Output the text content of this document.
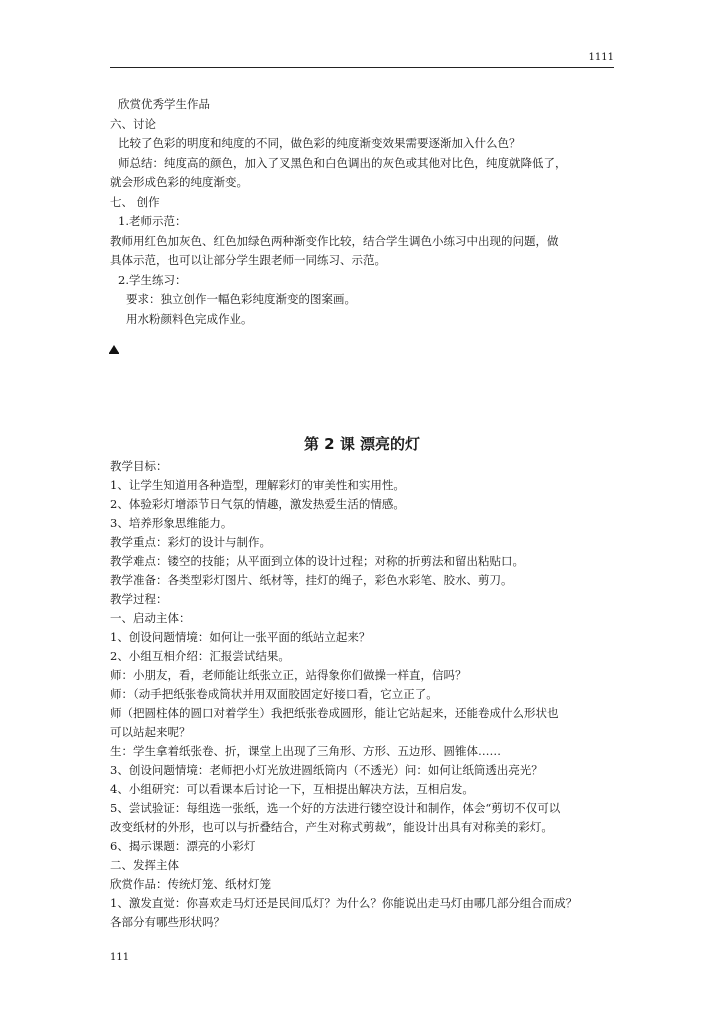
1111

欣赏优秀学生作品

六、讨论

比较了色彩的明度和纯度的不同，做色彩的纯度渐变效果需要逐渐加入什么色？

师总结：纯度高的颜色，加入了叉黑色和白色调出的灰色或其他对比色，纯度就降低了，

就会形成色彩的纯度渐变。

七、 创作

1.老师示范：

教师用红色加灰色、红色加绿色两种渐变作比较，结合学生调色小练习中出现的问题，做

具体示范，也可以让部分学生跟老师一同练习、示范。

2.学生练习：

要求：独立创作一幅色彩纯度渐变的图案画。

用水粉颜料色完成作业。

第 2 课 漂亮的灯

教学目标：

1、让学生知道用各种造型，理解彩灯的审美性和实用性。

2、体验彩灯增添节日气氛的情趣，激发热爱生活的情感。

3、培养形象思维能力。

教学重点：彩灯的设计与制作。

教学难点：镂空的技能；从平面到立体的设计过程；对称的折剪法和留出粘贴口。

教学准备：各类型彩灯图片、纸材等，挂灯的绳子，彩色水彩笔、胶水、剪刀。

教学过程：

一、启动主体：

1、创设问题情境：如何让一张平面的纸站立起来？

2、小组互相介绍：汇报尝试结果。

师：小朋友，看，老师能让纸张立正，站得象你们做操一样直，信吗？

师：（动手把纸张卷成筒状并用双面胶固定好接口看，它立正了。

师（把圆柱体的圆口对着学生）我把纸张卷成圆形，能让它站起来，还能卷成什么形状也

可以站起来呢？

生：学生拿着纸张卷、折，课堂上出现了三角形、方形、五边形、圆锥体……

3、创设问题情境：老师把小灯光放进圆纸筒内（不透光）问：如何让纸筒透出亮光？

4、小组研究：可以看课本后讨论一下，互相提出解决方法，互相启发。

5、尝试验证：每组选一张纸，选一个好的方法进行镂空设计和制作，体会“剪切不仅可以

改变纸材的外形，也可以与折叠结合，产生对称式剪裁”，能设计出具有对称美的彩灯。

6、揭示课题：漂亮的小彩灯

二、发挥主体

欣赏作品：传统灯笼、纸材灯笼

1、激发直觉：你喜欢走马灯还是民间瓜灯？为什么？你能说出走马灯由哪几部分组合而成？

各部分有哪些形状吗？

111
